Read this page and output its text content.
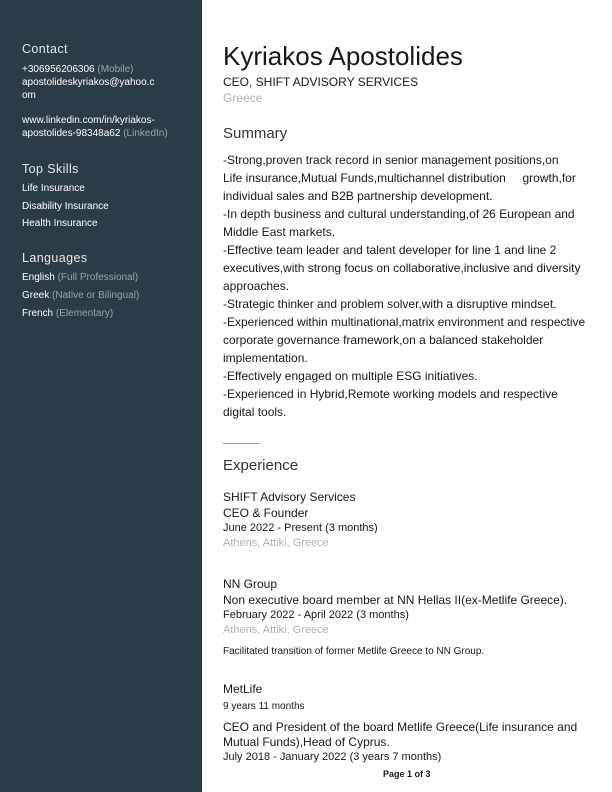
Contact
+306956206306 (Mobile)
apostolideskyriakos@yahoo.c
om
www.linkedin.com/in/kyriakos-
apostolides-98348a62 (LinkedIn)
Top Skills
Life Insurance
Disability Insurance
Health Insurance
Languages
English (Full Professional)
Greek (Native or Bilingual)
French (Elementary)
Kyriakos Apostolides
CEO, SHIFT ADVISORY SERVICES
Greece
Summary
-Strong,proven track record in senior management positions,on
Life insurance,Mutual Funds,multichannel distribution     growth,for
individual sales and B2B partnership development.
-In depth business and cultural understanding,of 26 European and
Middle East markets.
-Effective team leader and talent developer for line 1 and line 2
executives,with strong focus on collaborative,inclusive and diversity
approaches.
-Strategic thinker and problem solver,with a disruptive mindset.
-Experienced within multinational,matrix environment and respective
corporate governance framework,on a balanced stakeholder
implementation.
-Effectively engaged on multiple ESG initiatives.
-Experienced in Hybrid,Remote working models and respective
digital tools.
Experience
SHIFT Advisory Services
CEO & Founder
June 2022 - Present (3 months)
Athens, Attiki, Greece
NN Group
Non executive board member at NN Hellas II(ex-Metlife Greece).
February 2022 - April 2022 (3 months)
Athens, Attiki, Greece
Facilitated transition of former Metlife Greece to NN Group.
MetLife
9 years 11 months
CEO and President of the board Metlife Greece(Life insurance and
Mutual Funds),Head of Cyprus.
July 2018 - January 2022 (3 years 7 months)
Page 1 of 3
